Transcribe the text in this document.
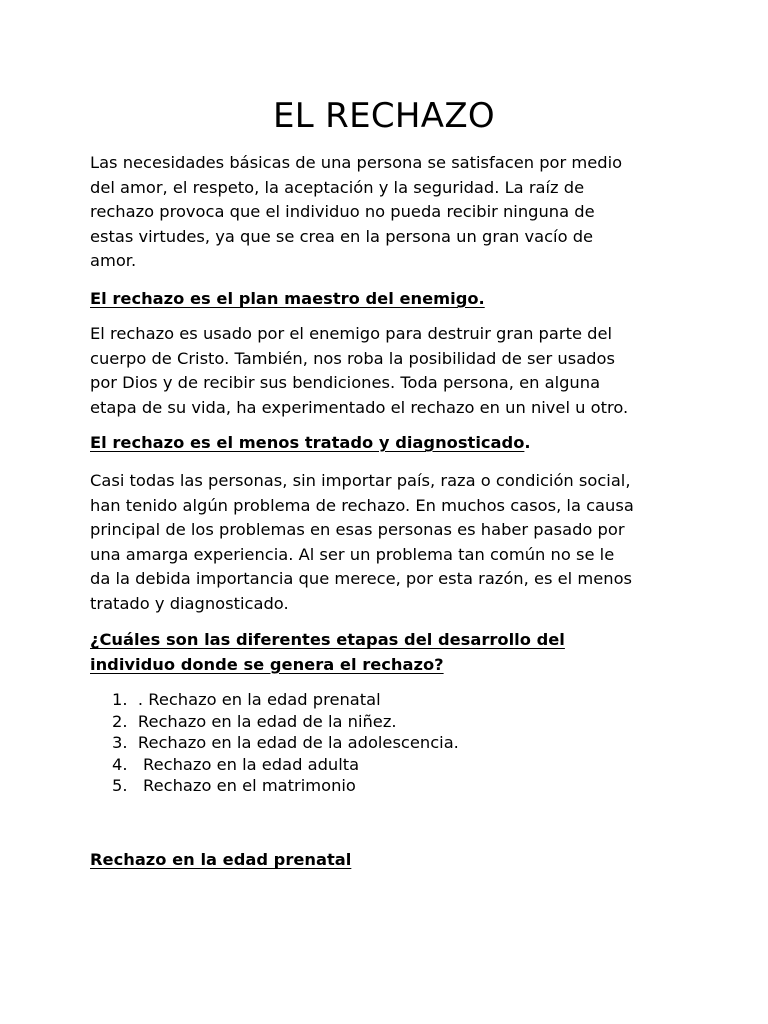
EL RECHAZO

Las necesidades básicas de una persona se satisfacen por medio
del amor, el respeto, la aceptación y la seguridad. La raíz de
rechazo provoca que el individuo no pueda recibir ninguna de
estas virtudes, ya que se crea en la persona un gran vacío de
amor.

El rechazo es el plan maestro del enemigo.

El rechazo es usado por el enemigo para destruir gran parte del
cuerpo de Cristo. También, nos roba la posibilidad de ser usados
por Dios y de recibir sus bendiciones. Toda persona, en alguna
etapa de su vida, ha experimentado el rechazo en un nivel u otro.

El rechazo es el menos tratado y diagnosticado.

Casi todas las personas, sin importar país, raza o condición social,
han tenido algún problema de rechazo. En muchos casos, la causa
principal de los problemas en esas personas es haber pasado por
una amarga experiencia. Al ser un problema tan común no se le
da la debida importancia que merece, por esta razón, es el menos
tratado y diagnosticado.

¿Cuáles son las diferentes etapas del desarrollo del
individuo donde se genera el rechazo?

1.  . Rechazo en la edad prenatal
2.  Rechazo en la edad de la niñez.
3.  Rechazo en la edad de la adolescencia.
4.   Rechazo en la edad adulta
5.   Rechazo en el matrimonio

Rechazo en la edad prenatal
